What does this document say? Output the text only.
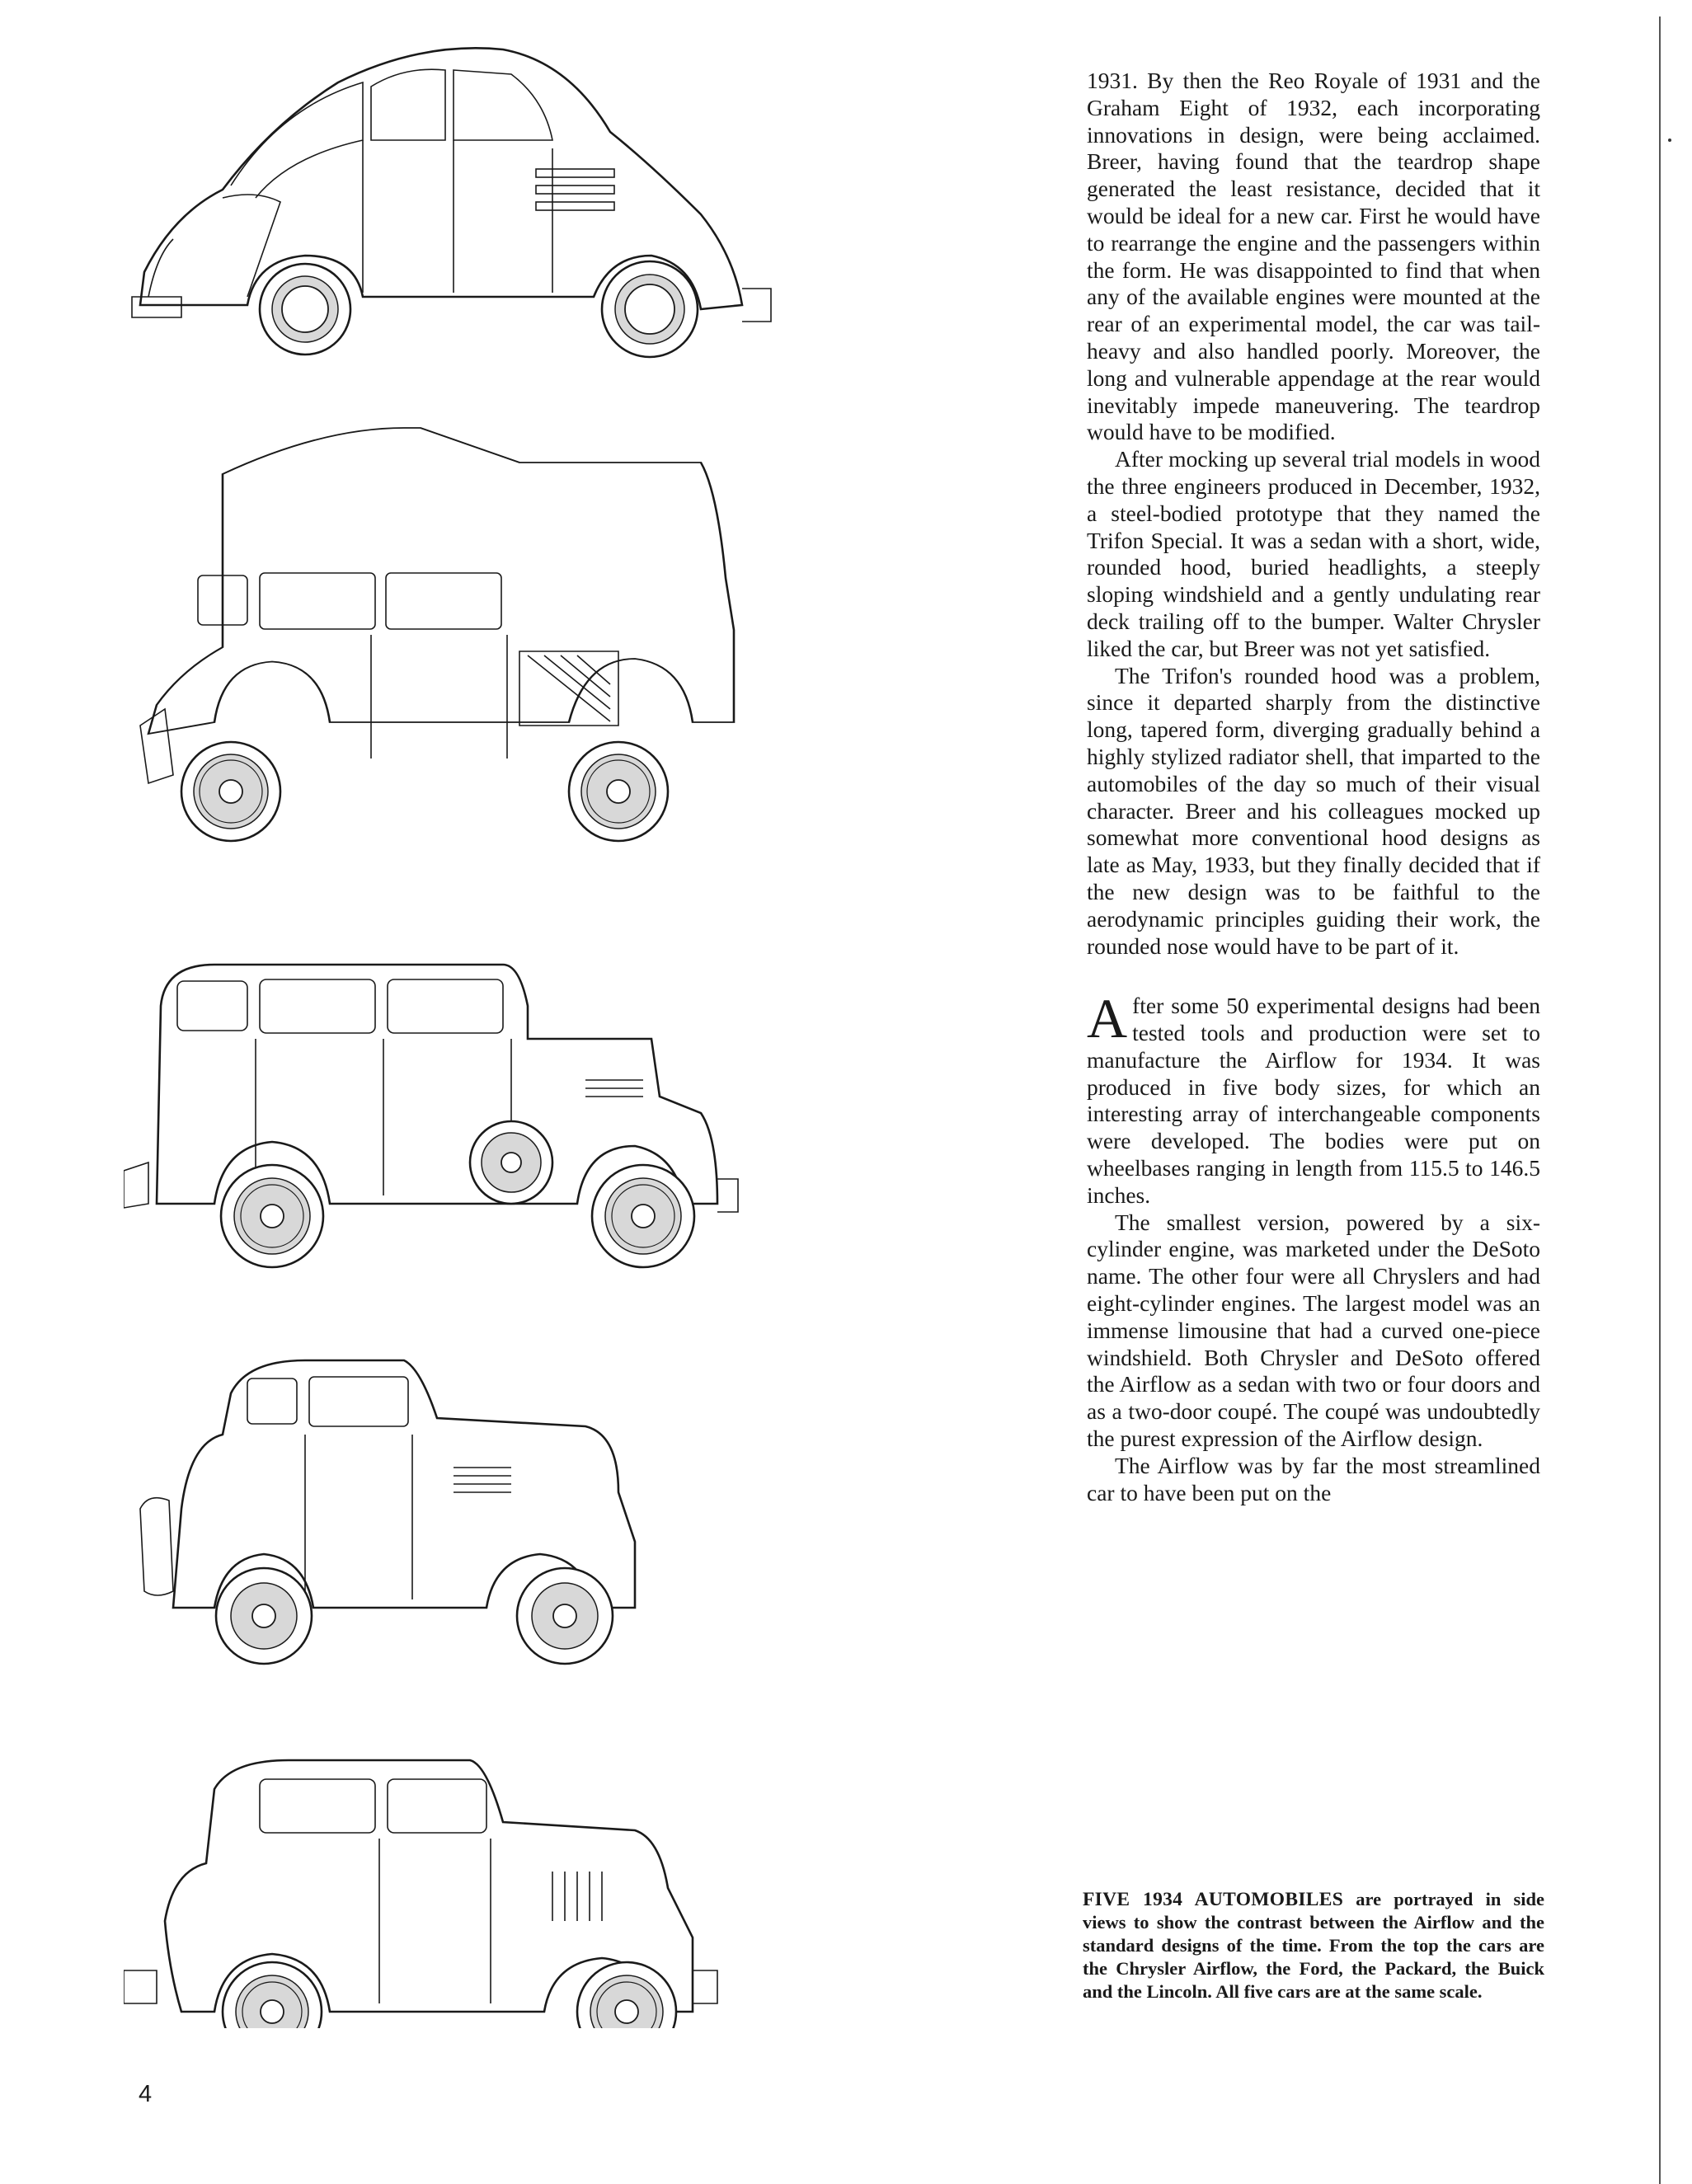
1931. By then the Reo Royale of 1931 and the Graham Eight of 1932, each incorporating innovations in design, were being acclaimed. Breer, having found that the teardrop shape generated the least resistance, decided that it would be ideal for a new car. First he would have to rearrange the engine and the passengers within the form. He was disappointed to find that when any of the available engines were mounted at the rear of an experimental model, the car was tail-heavy and also handled poorly. Moreover, the long and vulnerable appendage at the rear would inevitably impede maneuvering. The teardrop would have to be modified.

After mocking up several trial models in wood the three engineers produced in December, 1932, a steel-bodied prototype that they named the Trifon Special. It was a sedan with a short, wide, rounded hood, buried headlights, a steeply sloping windshield and a gently undulating rear deck trailing off to the bumper. Walter Chrysler liked the car, but Breer was not yet satisfied.

The Trifon's rounded hood was a problem, since it departed sharply from the distinctive long, tapered form, diverging gradually behind a highly stylized radiator shell, that imparted to the automobiles of the day so much of their visual character. Breer and his colleagues mocked up somewhat more conventional hood designs as late as May, 1933, but they finally decided that if the new design was to be faithful to the aerodynamic principles guiding their work, the rounded nose would have to be part of it.

After some 50 experimental designs had been tested tools and production were set to manufacture the Airflow for 1934. It was produced in five body sizes, for which an interesting array of interchangeable components were developed. The bodies were put on wheelbases ranging in length from 115.5 to 146.5 inches.

The smallest version, powered by a six-cylinder engine, was marketed under the DeSoto name. The other four were all Chryslers and had eight-cylinder engines. The largest model was an immense limousine that had a curved one-piece windshield. Both Chrysler and DeSoto offered the Airflow as a sedan with two or four doors and as a two-door coupé. The coupé was undoubtedly the purest expression of the Airflow design.

The Airflow was by far the most streamlined car to have been put on the

FIVE 1934 AUTOMOBILES are portrayed in side views to show the contrast between the Airflow and the standard designs of the time. From the top the cars are the Chrysler Airflow, the Ford, the Packard, the Buick and the Lincoln. All five cars are at the same scale.
4
